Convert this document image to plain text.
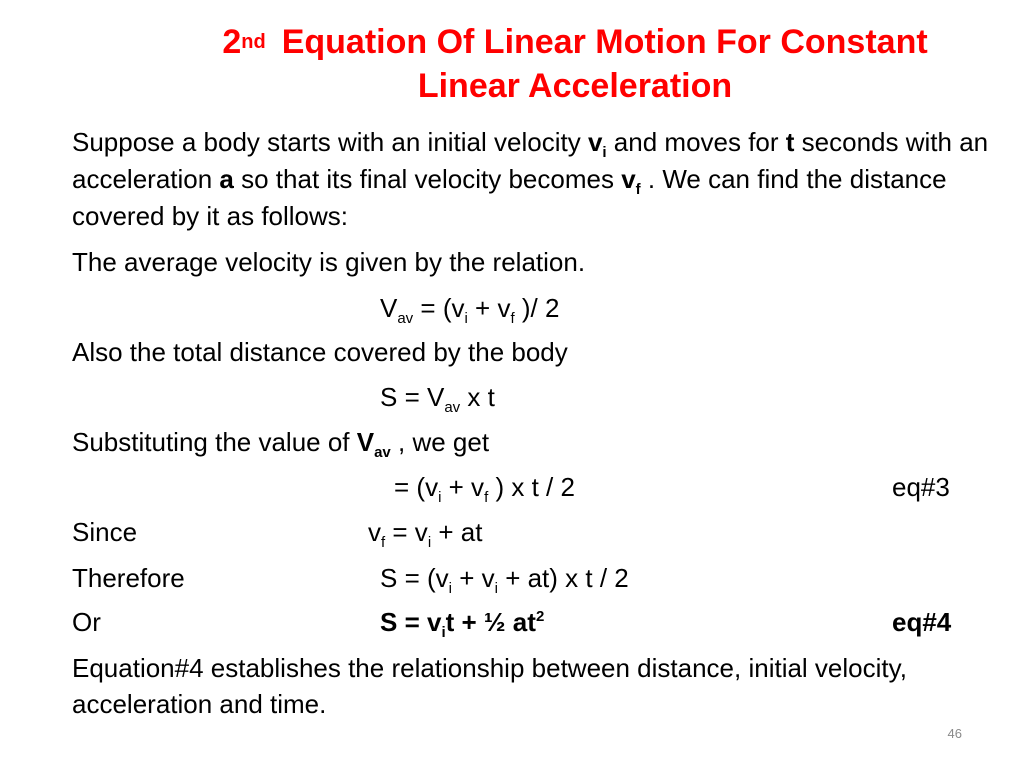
2nd Equation Of Linear Motion For Constant
Linear Acceleration
Suppose a body starts with an initial velocity $v_i$ and moves for t seconds with an acceleration a so that its final velocity becomes $v_f$ . We can find the distance covered by it as follows:
The average velocity is given by the relation.
$V_{av} = (v_i + v_f$ )/ 2
Also the total distance covered by the body
$S = V_{av}$ x t
Substituting the value of $V_{av}$ , we get
= ($v_i + v_f$ ) x t / 2	eq#3
Since	$v_f = v_i$ + at
Therefore	$S = (v_i + v_i + at)$ x t / 2
Or	$S = v_it$ + ½ $at^2$	eq#4
Equation#4 establishes the relationship between distance, initial velocity, acceleration and time.
46
